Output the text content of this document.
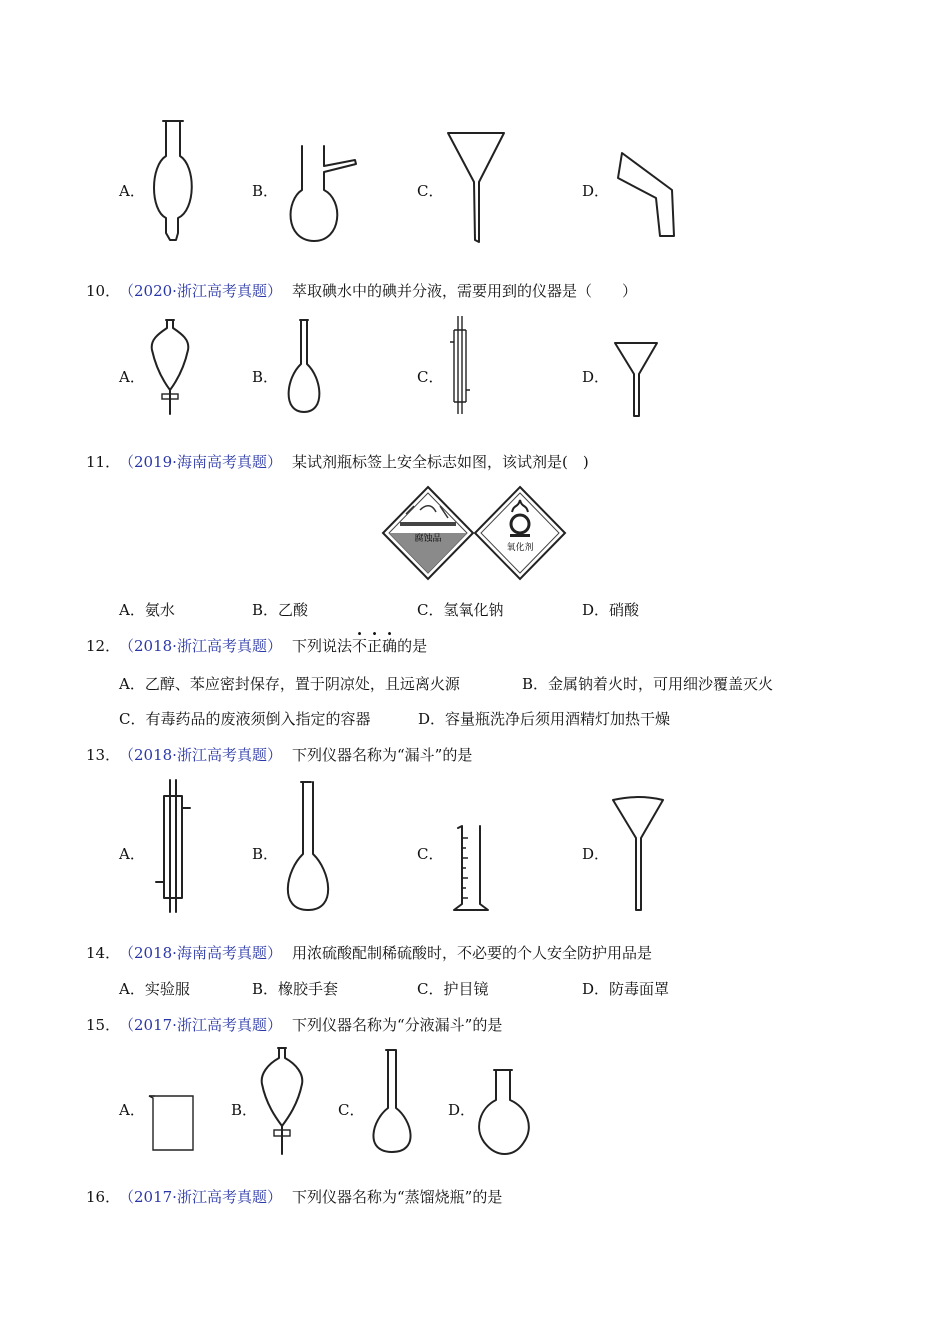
A．	B．	C．	D．
10．
（2020·浙江高考真题） 萃取碘水中的碘并分液，需要用到的仪器是（　　）
A．	B．	C．	D．
11．
（2019·海南高考真题） 某试剂瓶标签上安全标志如图，该试剂是(　)
腐蚀品
氧化剂
A．氨水	B．乙酸	C．氢氧化钠	D．硝酸
12．
（2018·浙江高考真题） 下列说法不正确的是
A．乙醇、苯应密封保存，置于阴凉处，且远离火源	B．金属钠着火时，可用细沙覆盖灭火
C．有毒药品的废液须倒入指定的容器	D．容量瓶洗净后须用酒精灯加热干燥
13．
（2018·浙江高考真题） 下列仪器名称为“漏斗”的是
A．	B．	C．	D．
14．
（2018·海南高考真题） 用浓硫酸配制稀硫酸时，不必要的个人安全防护用品是
A．实验服	B．橡胶手套	C．护目镜	D．防毒面罩
15．
（2017·浙江高考真题） 下列仪器名称为“分液漏斗”的是
A．	B．	C．	D．
16．
（2017·浙江高考真题） 下列仪器名称为“蒸馏烧瓶”的是
